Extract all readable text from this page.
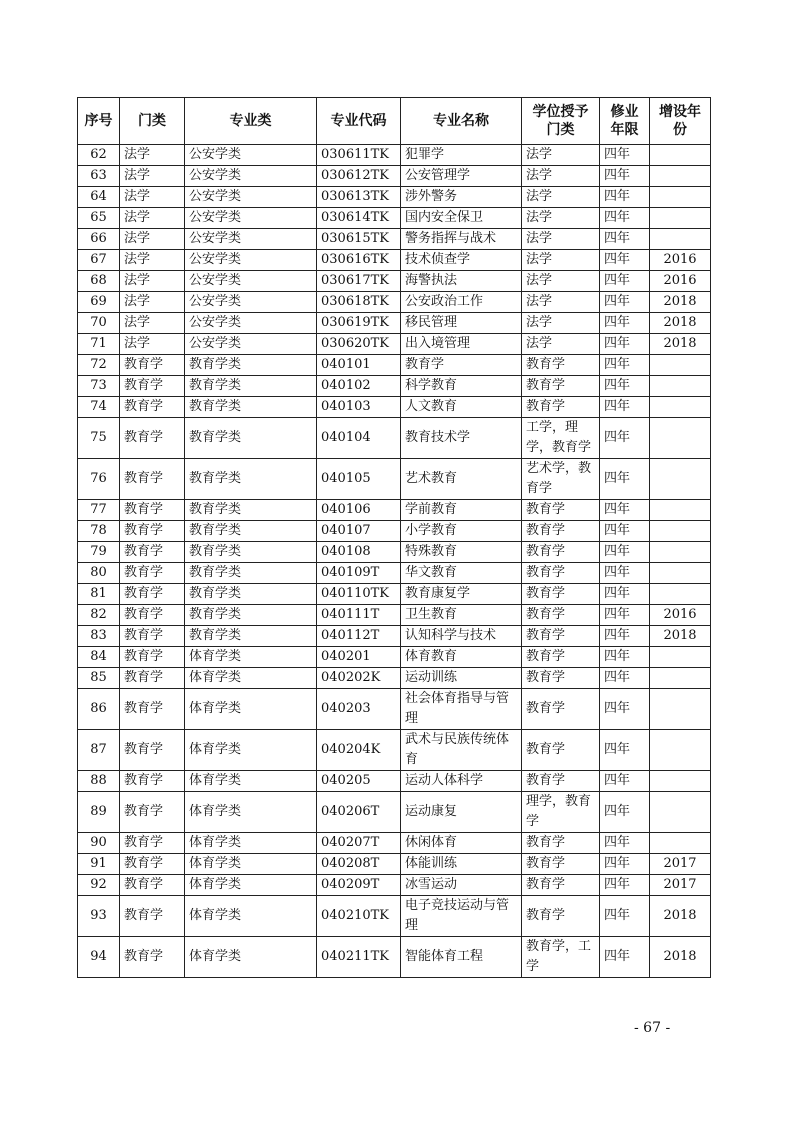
序号	门类	专业类	专业代码	专业名称	学位授予门类	修业年限	增设年份
62	法学	公安学类	030611TK	犯罪学	法学	四年	
63	法学	公安学类	030612TK	公安管理学	法学	四年	
64	法学	公安学类	030613TK	涉外警务	法学	四年	
65	法学	公安学类	030614TK	国内安全保卫	法学	四年	
66	法学	公安学类	030615TK	警务指挥与战术	法学	四年	
67	法学	公安学类	030616TK	技术侦查学	法学	四年	2016
68	法学	公安学类	030617TK	海警执法	法学	四年	2016
69	法学	公安学类	030618TK	公安政治工作	法学	四年	2018
70	法学	公安学类	030619TK	移民管理	法学	四年	2018
71	法学	公安学类	030620TK	出入境管理	法学	四年	2018
72	教育学	教育学类	040101	教育学	教育学	四年	
73	教育学	教育学类	040102	科学教育	教育学	四年	
74	教育学	教育学类	040103	人文教育	教育学	四年	
75	教育学	教育学类	040104	教育技术学	工学，理学，教育学	四年	
76	教育学	教育学类	040105	艺术教育	艺术学，教育学	四年	
77	教育学	教育学类	040106	学前教育	教育学	四年	
78	教育学	教育学类	040107	小学教育	教育学	四年	
79	教育学	教育学类	040108	特殊教育	教育学	四年	
80	教育学	教育学类	040109T	华文教育	教育学	四年	
81	教育学	教育学类	040110TK	教育康复学	教育学	四年	
82	教育学	教育学类	040111T	卫生教育	教育学	四年	2016
83	教育学	教育学类	040112T	认知科学与技术	教育学	四年	2018
84	教育学	体育学类	040201	体育教育	教育学	四年	
85	教育学	体育学类	040202K	运动训练	教育学	四年	
86	教育学	体育学类	040203	社会体育指导与管理	教育学	四年	
87	教育学	体育学类	040204K	武术与民族传统体育	教育学	四年	
88	教育学	体育学类	040205	运动人体科学	教育学	四年	
89	教育学	体育学类	040206T	运动康复	理学，教育学	四年	
90	教育学	体育学类	040207T	休闲体育	教育学	四年	
91	教育学	体育学类	040208T	体能训练	教育学	四年	2017
92	教育学	体育学类	040209T	冰雪运动	教育学	四年	2017
93	教育学	体育学类	040210TK	电子竞技运动与管理	教育学	四年	2018
94	教育学	体育学类	040211TK	智能体育工程	教育学，工学	四年	2018
- 67 -
